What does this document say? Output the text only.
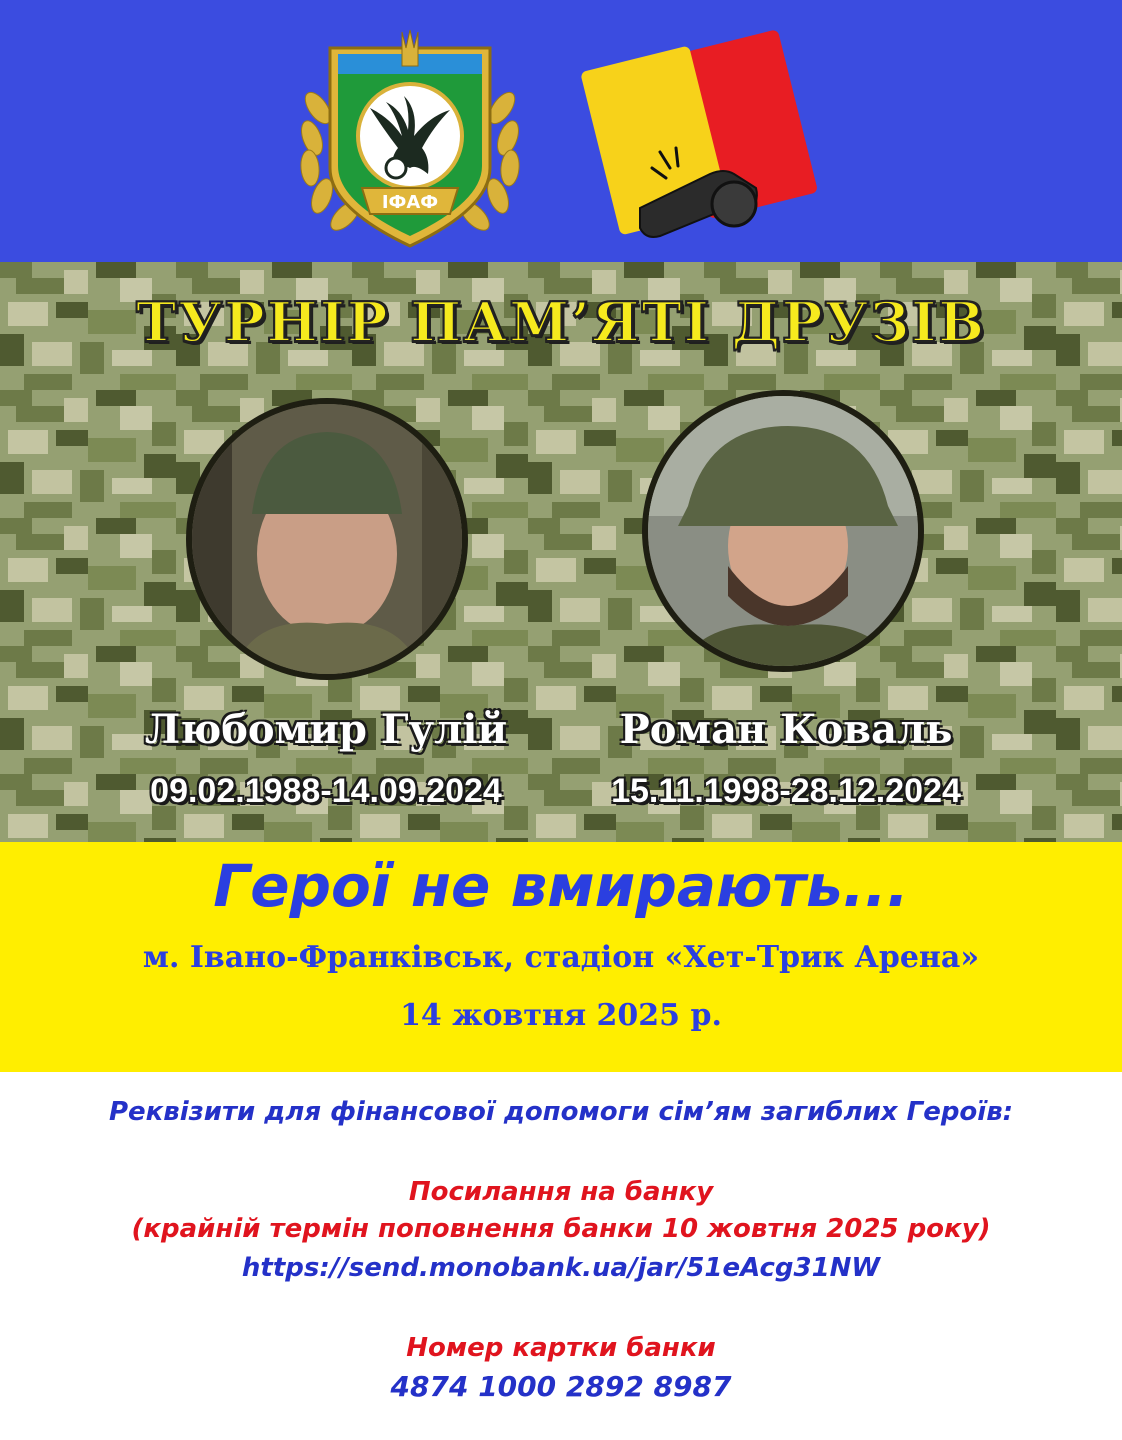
ІФАФ
ТУРНІР ПАМ’ЯТІ ДРУЗІВ

Любомир Гулій

09.02.1988-14.09.2024

Роман Коваль

15.11.1998-28.12.2024

Герої не вмирають...

м. Івано-Франківськ, стадіон «Хет-Трик Арена»

14 жовтня 2025 р.

Реквізити для фінансової допомоги сім’ям загиблих Героїв:

Посилання на банку

(крайній термін поповнення банки 10 жовтня 2025 року)

https://send.monobank.ua/jar/51eAcg31NW

Номер картки банки

4874 1000 2892 8987
